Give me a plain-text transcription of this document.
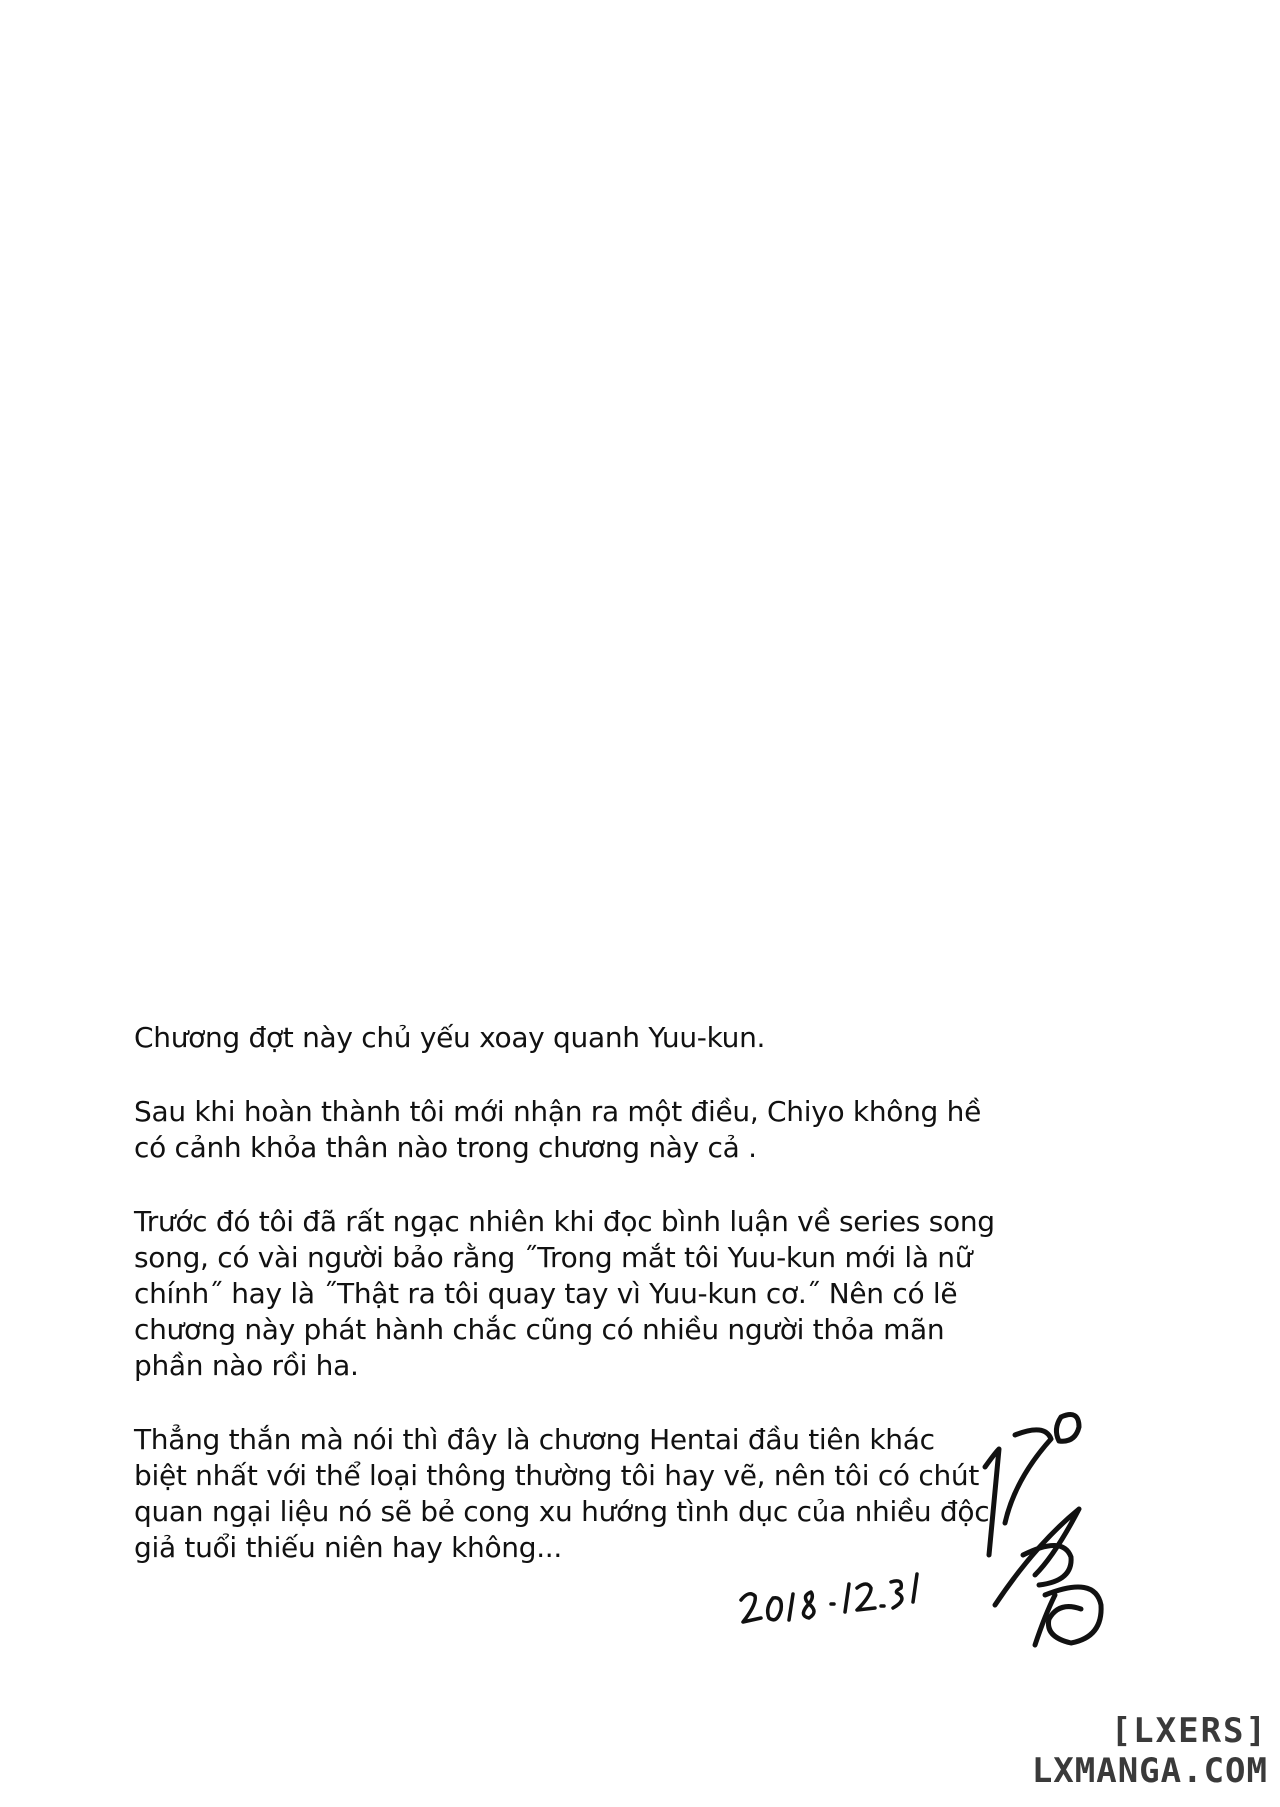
Chương đợt này chủ yếu xoay quanh Yuu-kun.

Sau khi hoàn thành tôi mới nhận ra một điều, Chiyo không hề
có cảnh khỏa thân nào trong chương này cả .

Trước đó tôi đã rất ngạc nhiên khi đọc bình luận về series song
song, có vài người bảo rằng ˝Trong mắt tôi Yuu-kun mới là nữ
chính˝ hay là ˝Thật ra tôi quay tay vì Yuu-kun cơ.˝ Nên có lẽ
chương này phát hành chắc cũng có nhiều người thỏa mãn
phần nào rồi ha.

Thẳng thắn mà nói thì đây là chương Hentai đầu tiên khác
biệt nhất với thể loại thông thường tôi hay vẽ, nên tôi có chút
quan ngại liệu nó sẽ bẻ cong xu hướng tình dục của nhiều độc
giả tuổi thiếu niên hay không...

[LXERS]
LXMANGA.COM
